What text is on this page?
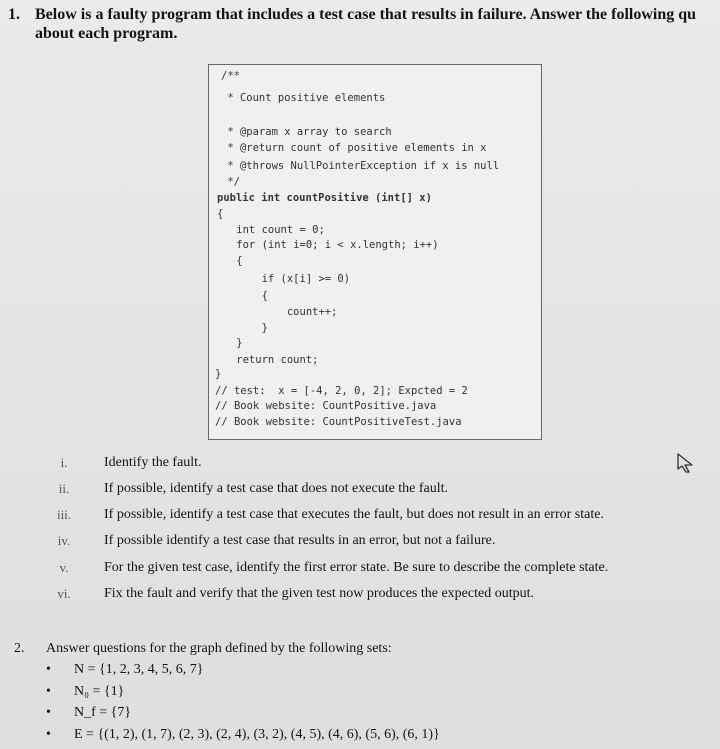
1. Below is a faulty program that includes a test case that results in failure. Answer the following qu
about each program.
/**
* Count positive elements
* @param x array to search
* @return count of positive elements in x
* @throws NullPointerException if x is null
*/
public int countPositive (int[] x)
{
int count = 0;
for (int i=0; i < x.length; i++)
{
if (x[i] >= 0)
{
count++;
}
}
return count;
}
// test:  x = [-4, 2, 0, 2]; Expcted = 2
// Book website: CountPositive.java
// Book website: CountPositiveTest.java
i.	Identify the fault.
ii.	If possible, identify a test case that does not execute the fault.
iii. If possible, identify a test case that executes the fault, but does not result in an error state.
iv. If possible identify a test case that results in an error, but not a failure.
v.	For the given test case, identify the first error state. Be sure to describe the complete state.
vi. Fix the fault and verify that the given test now produces the expected output.
2. Answer questions for the graph defined by the following sets:
• N = {1, 2, 3, 4, 5, 6, 7}
• N₀ = {1}
• N_f = {7}
• E = {(1, 2), (1, 7), (2, 3), (2, 4), (3, 2), (4, 5), (4, 6), (5, 6), (6, 1)}
